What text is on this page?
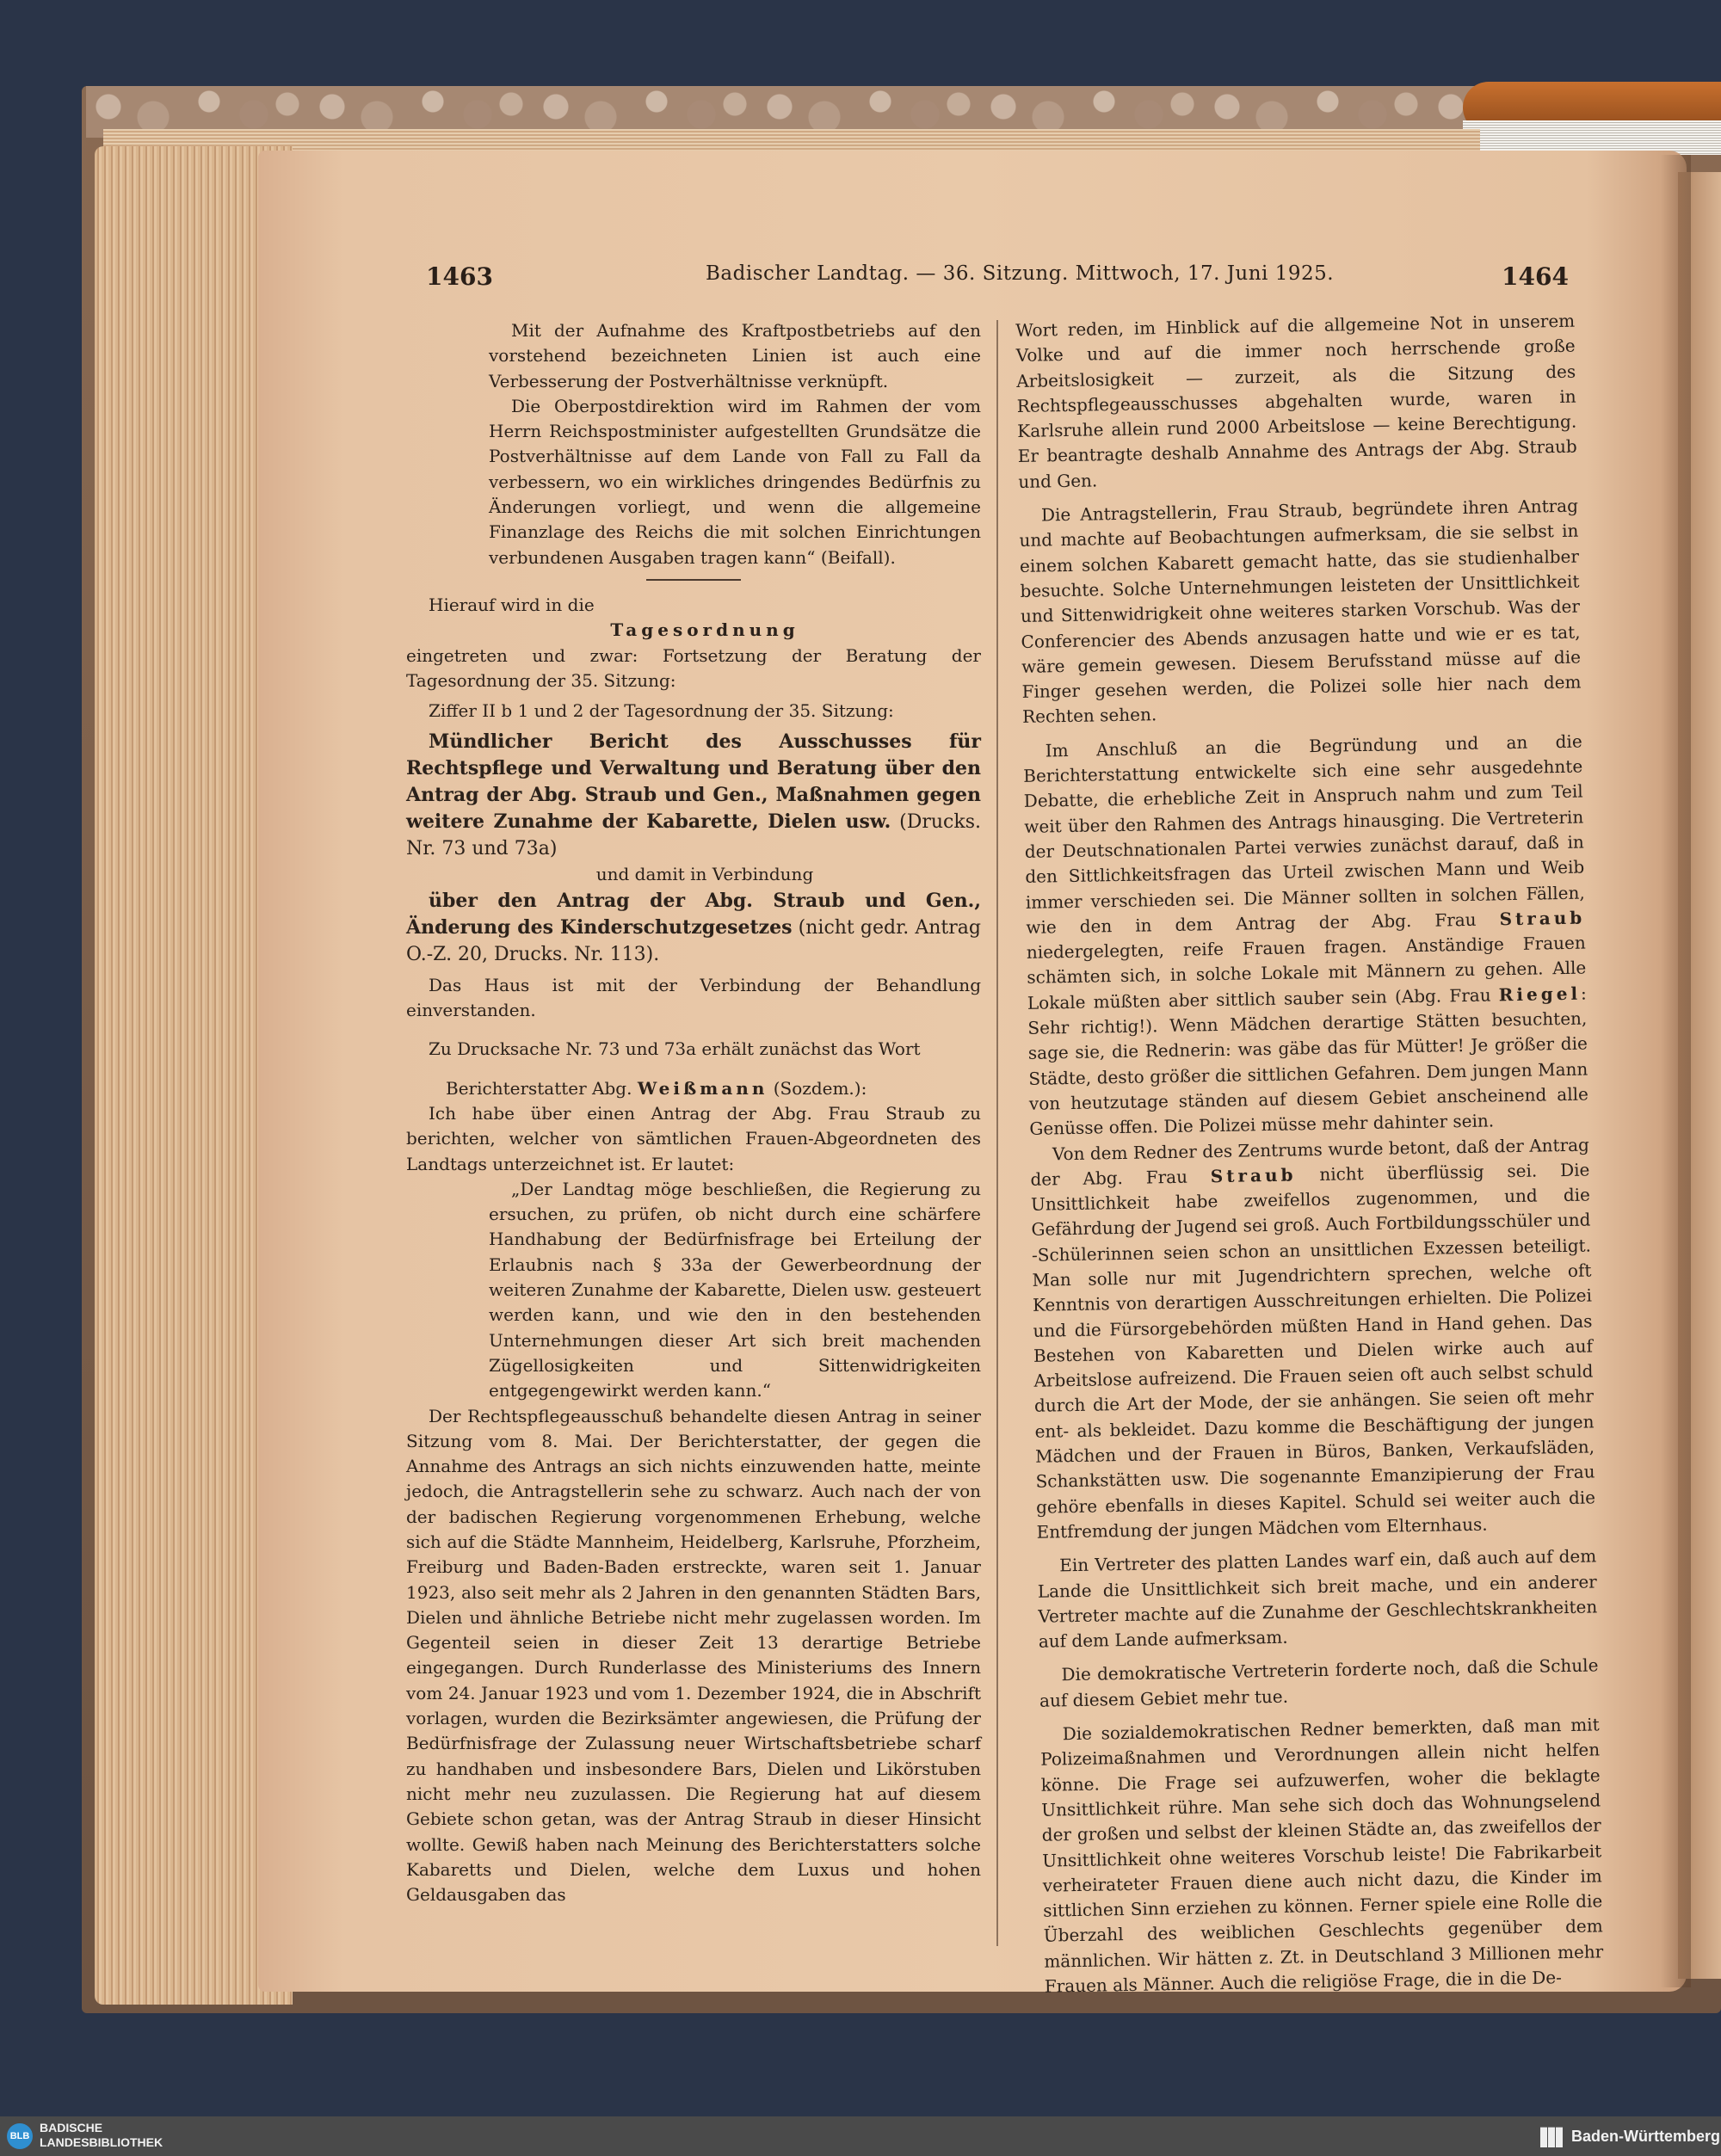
1463	Badischer Landtag. — 36. Sitzung. Mittwoch, 17. Juni 1925.	1464

Mit der Aufnahme des Kraftpostbetriebs auf den vorstehend bezeichneten Linien ist auch eine Verbesserung der Postverhältnisse verknüpft.

Die Oberpostdirektion wird im Rahmen der vom Herrn Reichspostminister aufgestellten Grundsätze die Postverhältnisse auf dem Lande von Fall zu Fall da verbessern, wo ein wirkliches dringendes Bedürfnis zu Änderungen vorliegt, und wenn die allgemeine Finanzlage des Reichs die mit solchen Einrichtungen verbundenen Ausgaben tragen kann“ (Beifall).

Hierauf wird in die

Tagesordnung

eingetreten und zwar: Fortsetzung der Beratung der Tagesordnung der 35. Sitzung:

Ziffer II b 1 und 2 der Tagesordnung der 35. Sitzung:

Mündlicher Bericht des Ausschusses für Rechtspflege und Verwaltung und Beratung über den Antrag der Abg. Straub und Gen., Maßnahmen gegen weitere Zunahme der Kabarette, Dielen usw. (Drucks. Nr. 73 und 73a)

und damit in Verbindung

über den Antrag der Abg. Straub und Gen., Änderung des Kinderschutzgesetzes (nicht gedr. Antrag O.-Z. 20, Drucks. Nr. 113).

Das Haus ist mit der Verbindung der Behandlung einverstanden.

Zu Drucksache Nr. 73 und 73a erhält zunächst das Wort

Berichterstatter Abg. Weißmann (Sozdem.):

Ich habe über einen Antrag der Abg. Frau Straub zu berichten, welcher von sämtlichen Frauen-Abgeordneten des Landtags unterzeichnet ist. Er lautet:

„Der Landtag möge beschließen, die Regierung zu ersuchen, zu prüfen, ob nicht durch eine schärfere Handhabung der Bedürfnisfrage bei Erteilung der Erlaubnis nach § 33a der Gewerbeordnung der weiteren Zunahme der Kabarette, Dielen usw. gesteuert werden kann, und wie den in den bestehenden Unternehmungen dieser Art sich breit machenden Zügellosigkeiten und Sittenwidrigkeiten entgegengewirkt werden kann.“

Der Rechtspflegeausschuß behandelte diesen Antrag in seiner Sitzung vom 8. Mai. Der Berichterstatter, der gegen die Annahme des Antrags an sich nichts einzuwenden hatte, meinte jedoch, die Antragstellerin sehe zu schwarz. Auch nach der von der badischen Regierung vorgenommenen Erhebung, welche sich auf die Städte Mannheim, Heidelberg, Karlsruhe, Pforzheim, Freiburg und Baden-Baden erstreckte, waren seit 1. Januar 1923, also seit mehr als 2 Jahren in den genannten Städten Bars, Dielen und ähnliche Betriebe nicht mehr zugelassen worden. Im Gegenteil seien in dieser Zeit 13 derartige Betriebe eingegangen. Durch Runderlasse des Ministeriums des Innern vom 24. Januar 1923 und vom 1. Dezember 1924, die in Abschrift vorlagen, wurden die Bezirksämter angewiesen, die Prüfung der Bedürfnisfrage der Zulassung neuer Wirtschaftsbetriebe scharf zu handhaben und insbesondere Bars, Dielen und Likörstuben nicht mehr neu zuzulassen. Die Regierung hat auf diesem Gebiete schon getan, was der Antrag Straub in dieser Hinsicht wollte. Gewiß haben nach Meinung des Berichterstatters solche Kabaretts und Dielen, welche dem Luxus und hohen Geldausgaben das

Wort reden, im Hinblick auf die allgemeine Not in unserem Volke und auf die immer noch herrschende große Arbeitslosigkeit — zurzeit, als die Sitzung des Rechtspflegeausschusses abgehalten wurde, waren in Karlsruhe allein rund 2000 Arbeitslose — keine Berechtigung. Er beantragte deshalb Annahme des Antrags der Abg. Straub und Gen.

Die Antragstellerin, Frau Straub, begründete ihren Antrag und machte auf Beobachtungen aufmerksam, die sie selbst in einem solchen Kabarett gemacht hatte, das sie studienhalber besuchte. Solche Unternehmungen leisteten der Unsittlichkeit und Sittenwidrigkeit ohne weiteres starken Vorschub. Was der Conferencier des Abends anzusagen hatte und wie er es tat, wäre gemein gewesen. Diesem Berufsstand müsse auf die Finger gesehen werden, die Polizei solle hier nach dem Rechten sehen.

Im Anschluß an die Begründung und an die Berichterstattung entwickelte sich eine sehr ausgedehnte Debatte, die erhebliche Zeit in Anspruch nahm und zum Teil weit über den Rahmen des Antrags hinausging. Die Vertreterin der Deutschnationalen Partei verwies zunächst darauf, daß in den Sittlichkeitsfragen das Urteil zwischen Mann und Weib immer verschieden sei. Die Männer sollten in solchen Fällen, wie den in dem Antrag der Abg. Frau Straub niedergelegten, reife Frauen fragen. Anständige Frauen schämten sich, in solche Lokale mit Männern zu gehen. Alle Lokale müßten aber sittlich sauber sein (Abg. Frau Riegel: Sehr richtig!). Wenn Mädchen derartige Stätten besuchten, sage sie, die Rednerin: was gäbe das für Mütter! Je größer die Städte, desto größer die sittlichen Gefahren. Dem jungen Mann von heutzutage ständen auf diesem Gebiet anscheinend alle Genüsse offen. Die Polizei müsse mehr dahinter sein.

Von dem Redner des Zentrums wurde betont, daß der Antrag der Abg. Frau Straub nicht überflüssig sei. Die Unsittlichkeit habe zweifellos zugenommen, und die Gefährdung der Jugend sei groß. Auch Fortbildungsschüler und -Schülerinnen seien schon an unsittlichen Exzessen beteiligt. Man solle nur mit Jugendrichtern sprechen, welche oft Kenntnis von derartigen Ausschreitungen erhielten. Die Polizei und die Fürsorgebehörden müßten Hand in Hand gehen. Das Bestehen von Kabaretten und Dielen wirke auch auf Arbeitslose aufreizend. Die Frauen seien oft auch selbst schuld durch die Art der Mode, der sie anhängen. Sie seien oft mehr ent- als bekleidet. Dazu komme die Beschäftigung der jungen Mädchen und der Frauen in Büros, Banken, Verkaufsläden, Schankstätten usw. Die sogenannte Emanzipierung der Frau gehöre ebenfalls in dieses Kapitel. Schuld sei weiter auch die Entfremdung der jungen Mädchen vom Elternhaus.

Ein Vertreter des platten Landes warf ein, daß auch auf dem Lande die Unsittlichkeit sich breit mache, und ein anderer Vertreter machte auf die Zunahme der Geschlechtskrankheiten auf dem Lande aufmerksam.

Die demokratische Vertreterin forderte noch, daß die Schule auf diesem Gebiet mehr tue.

Die sozialdemokratischen Redner bemerkten, daß man mit Polizeimaßnahmen und Verordnungen allein nicht helfen könne. Die Frage sei aufzuwerfen, woher die beklagte Unsittlichkeit rühre. Man sehe sich doch das Wohnungselend der großen und selbst der kleinen Städte an, das zweifellos der Unsittlichkeit ohne weiteres Vorschub leiste! Die Fabrikarbeit verheirateter Frauen diene auch nicht dazu, die Kinder im sittlichen Sinn erziehen zu können. Ferner spiele eine Rolle die Überzahl des weiblichen Geschlechts gegenüber dem männlichen. Wir hätten z. Zt. in Deutschland 3 Millionen mehr Frauen als Männer. Auch die religiöse Frage, die in die De-

BLB
BADISCHE
LANDESBIBLIOTHEK	Baden-Württemberg
